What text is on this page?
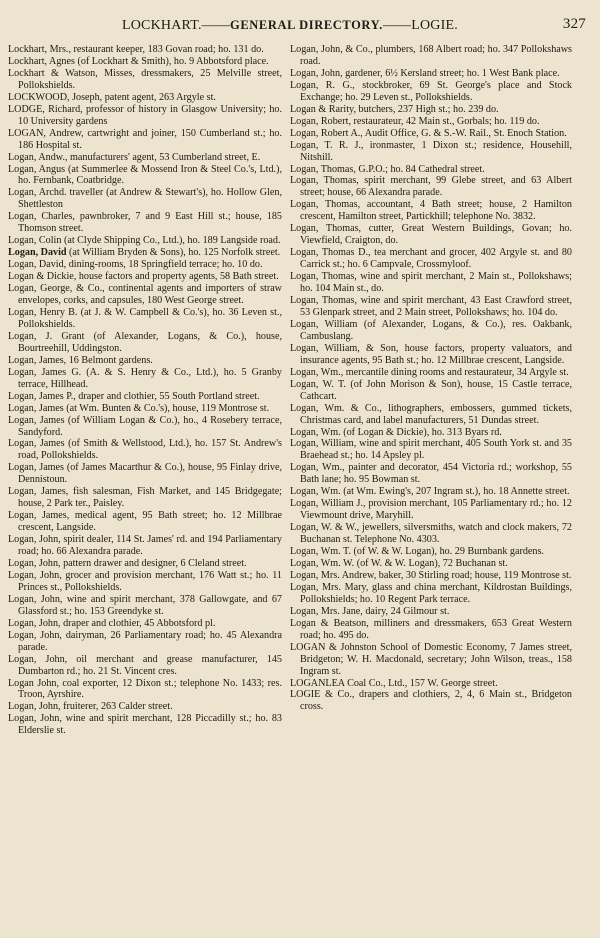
LOCKHART.——GENERAL DIRECTORY.——LOGIE.	327

Lockhart, Mrs., restaurant keeper, 183 Govan road; ho. 131 do.

Lockhart, Agnes (of Lockhart & Smith), ho. 9 Abbotsford place.

Lockhart & Watson, Misses, dressmakers, 25 Melville street, Pollokshields.

LOCKWOOD, Joseph, patent agent, 263 Argyle st.

LODGE, Richard, professor of history in Glasgow University; ho. 10 University gardens

LOGAN, Andrew, cartwright and joiner, 150 Cumberland st.; ho. 186 Hospital st.

Logan, Andw., manufacturers' agent, 53 Cumberland street, E.

Logan, Angus (at Summerlee & Mossend Iron & Steel Co.'s, Ltd.), ho. Fernbank, Coatbridge.

Logan, Archd. traveller (at Andrew & Stewart's), ho. Hollow Glen, Shettleston

Logan, Charles, pawnbroker, 7 and 9 East Hill st.; house, 185 Thomson street.

Logan, Colin (at Clyde Shipping Co., Ltd.), ho. 189 Langside road.

Logan, David (at William Bryden & Sons), ho. 125 Norfolk street.

Logan, David, dining-rooms, 18 Springfield terrace; ho. 10 do.

Logan & Dickie, house factors and property agents, 58 Bath street.

Logan, George, & Co., continental agents and importers of straw envelopes, corks, and capsules, 180 West George street.

Logan, Henry B. (at J. & W. Campbell & Co.'s), ho. 36 Leven st., Pollokshields.

Logan, J. Grant (of Alexander, Logans, & Co.), house, Bourtreehill, Uddingston.

Logan, James, 16 Belmont gardens.

Logan, James G. (A. & S. Henry & Co., Ltd.), ho. 5 Granby terrace, Hillhead.

Logan, James P., draper and clothier, 55 South Portland street.

Logan, James (at Wm. Bunten & Co.'s), house, 119 Montrose st.

Logan, James (of William Logan & Co.), ho., 4 Rosebery terrace, Sandyford.

Logan, James (of Smith & Wellstood, Ltd.), ho. 157 St. Andrew's road, Pollokshields.

Logan, James (of James Macarthur & Co.), house, 95 Finlay drive, Dennistoun.

Logan, James, fish salesman, Fish Market, and 145 Bridgegate; house, 2 Park ter., Paisley.

Logan, James, medical agent, 95 Bath street; ho. 12 Millbrae crescent, Langside.

Logan, John, spirit dealer, 114 St. James' rd. and 194 Parliamentary road; ho. 66 Alexandra parade.

Logan, John, pattern drawer and designer, 6 Cleland street.

Logan, John, grocer and provision merchant, 176 Watt st.; ho. 11 Princes st., Pollokshields.

Logan, John, wine and spirit merchant, 378 Gallowgate, and 67 Glassford st.; ho. 153 Greendyke st.

Logan, John, draper and clothier, 45 Abbotsford pl.

Logan, John, dairyman, 26 Parliamentary road; ho. 45 Alexandra parade.

Logan, John, oil merchant and grease manufacturer, 145 Dumbarton rd.; ho. 21 St. Vincent cres.

Logan John, coal exporter, 12 Dixon st.; telephone No. 1433; res. Troon, Ayrshire.

Logan, John, fruiterer, 263 Calder street.

Logan, John, wine and spirit merchant, 128 Piccadilly st.; ho. 83 Elderslie st.

Logan, John, & Co., plumbers, 168 Albert road; ho. 347 Pollokshaws road.

Logan, John, gardener, 6½ Kersland street; ho. 1 West Bank place.

Logan, R. G., stockbroker, 69 St. George's place and Stock Exchange; ho. 29 Leven st., Pollokshields.

Logan & Rarity, butchers, 237 High st.; ho. 239 do.

Logan, Robert, restaurateur, 42 Main st., Gorbals; ho. 119 do.

Logan, Robert A., Audit Office, G. & S.-W. Rail., St. Enoch Station.

Logan, T. R. J., ironmaster, 1 Dixon st.; residence, Househill, Nitshill.

Logan, Thomas, G.P.O.; ho. 84 Cathedral street.

Logan, Thomas, spirit merchant, 99 Glebe street, and 63 Albert street; house, 66 Alexandra parade.

Logan, Thomas, accountant, 4 Bath street; house, 2 Hamilton crescent, Hamilton street, Partickhill; telephone No. 3832.

Logan, Thomas, cutter, Great Western Buildings, Govan; ho. Viewfield, Craigton, do.

Logan, Thomas D., tea merchant and grocer, 402 Argyle st. and 80 Carrick st.; ho. 6 Campvale, Crossmyloof.

Logan, Thomas, wine and spirit merchant, 2 Main st., Pollokshaws; ho. 104 Main st., do.

Logan, Thomas, wine and spirit merchant, 43 East Crawford street, 53 Glenpark street, and 2 Main street, Pollokshaws; ho. 104 do.

Logan, William (of Alexander, Logans, & Co.), res. Oakbank, Cambuslang.

Logan, William, & Son, house factors, property valuators, and insurance agents, 95 Bath st.; ho. 12 Millbrae crescent, Langside.

Logan, Wm., mercantile dining rooms and restaurateur, 34 Argyle st.

Logan, W. T. (of John Morison & Son), house, 15 Castle terrace, Cathcart.

Logan, Wm. & Co., lithographers, embossers, gummed tickets, Christmas card, and label manufacturers, 51 Dundas street.

Logan, Wm. (of Logan & Dickie), ho. 313 Byars rd.

Logan, William, wine and spirit merchant, 405 South York st. and 35 Braehead st.; ho. 14 Apsley pl.

Logan, Wm., painter and decorator, 454 Victoria rd.; workshop, 55 Bath lane; ho. 95 Bowman st.

Logan, Wm. (at Wm. Ewing's, 207 Ingram st.), ho. 18 Annette street.

Logan, William J., provision merchant, 105 Parliamentary rd.; ho. 12 Viewmount drive, Maryhill.

Logan, W. & W., jewellers, silversmiths, watch and clock makers, 72 Buchanan st. Telephone No. 4303.

Logan, Wm. T. (of W. & W. Logan), ho. 29 Burnbank gardens.

Logan, Wm. W. (of W. & W. Logan), 72 Buchanan st.

Logan, Mrs. Andrew, baker, 30 Stirling road; house, 119 Montrose st.

Logan, Mrs. Mary, glass and china merchant, Kildrostan Buildings, Pollokshields; ho. 10 Regent Park terrace.

Logan, Mrs. Jane, dairy, 24 Gilmour st.

Logan & Beatson, milliners and dressmakers, 653 Great Western road; ho. 495 do.

LOGAN & Johnston School of Domestic Economy, 7 James street, Bridgeton; W. H. Macdonald, secretary; John Wilson, treas., 158 Ingram st.

LOGANLEA Coal Co., Ltd., 157 W. George street.

LOGIE & Co., drapers and clothiers, 2, 4, 6 Main st., Bridgeton cross.
